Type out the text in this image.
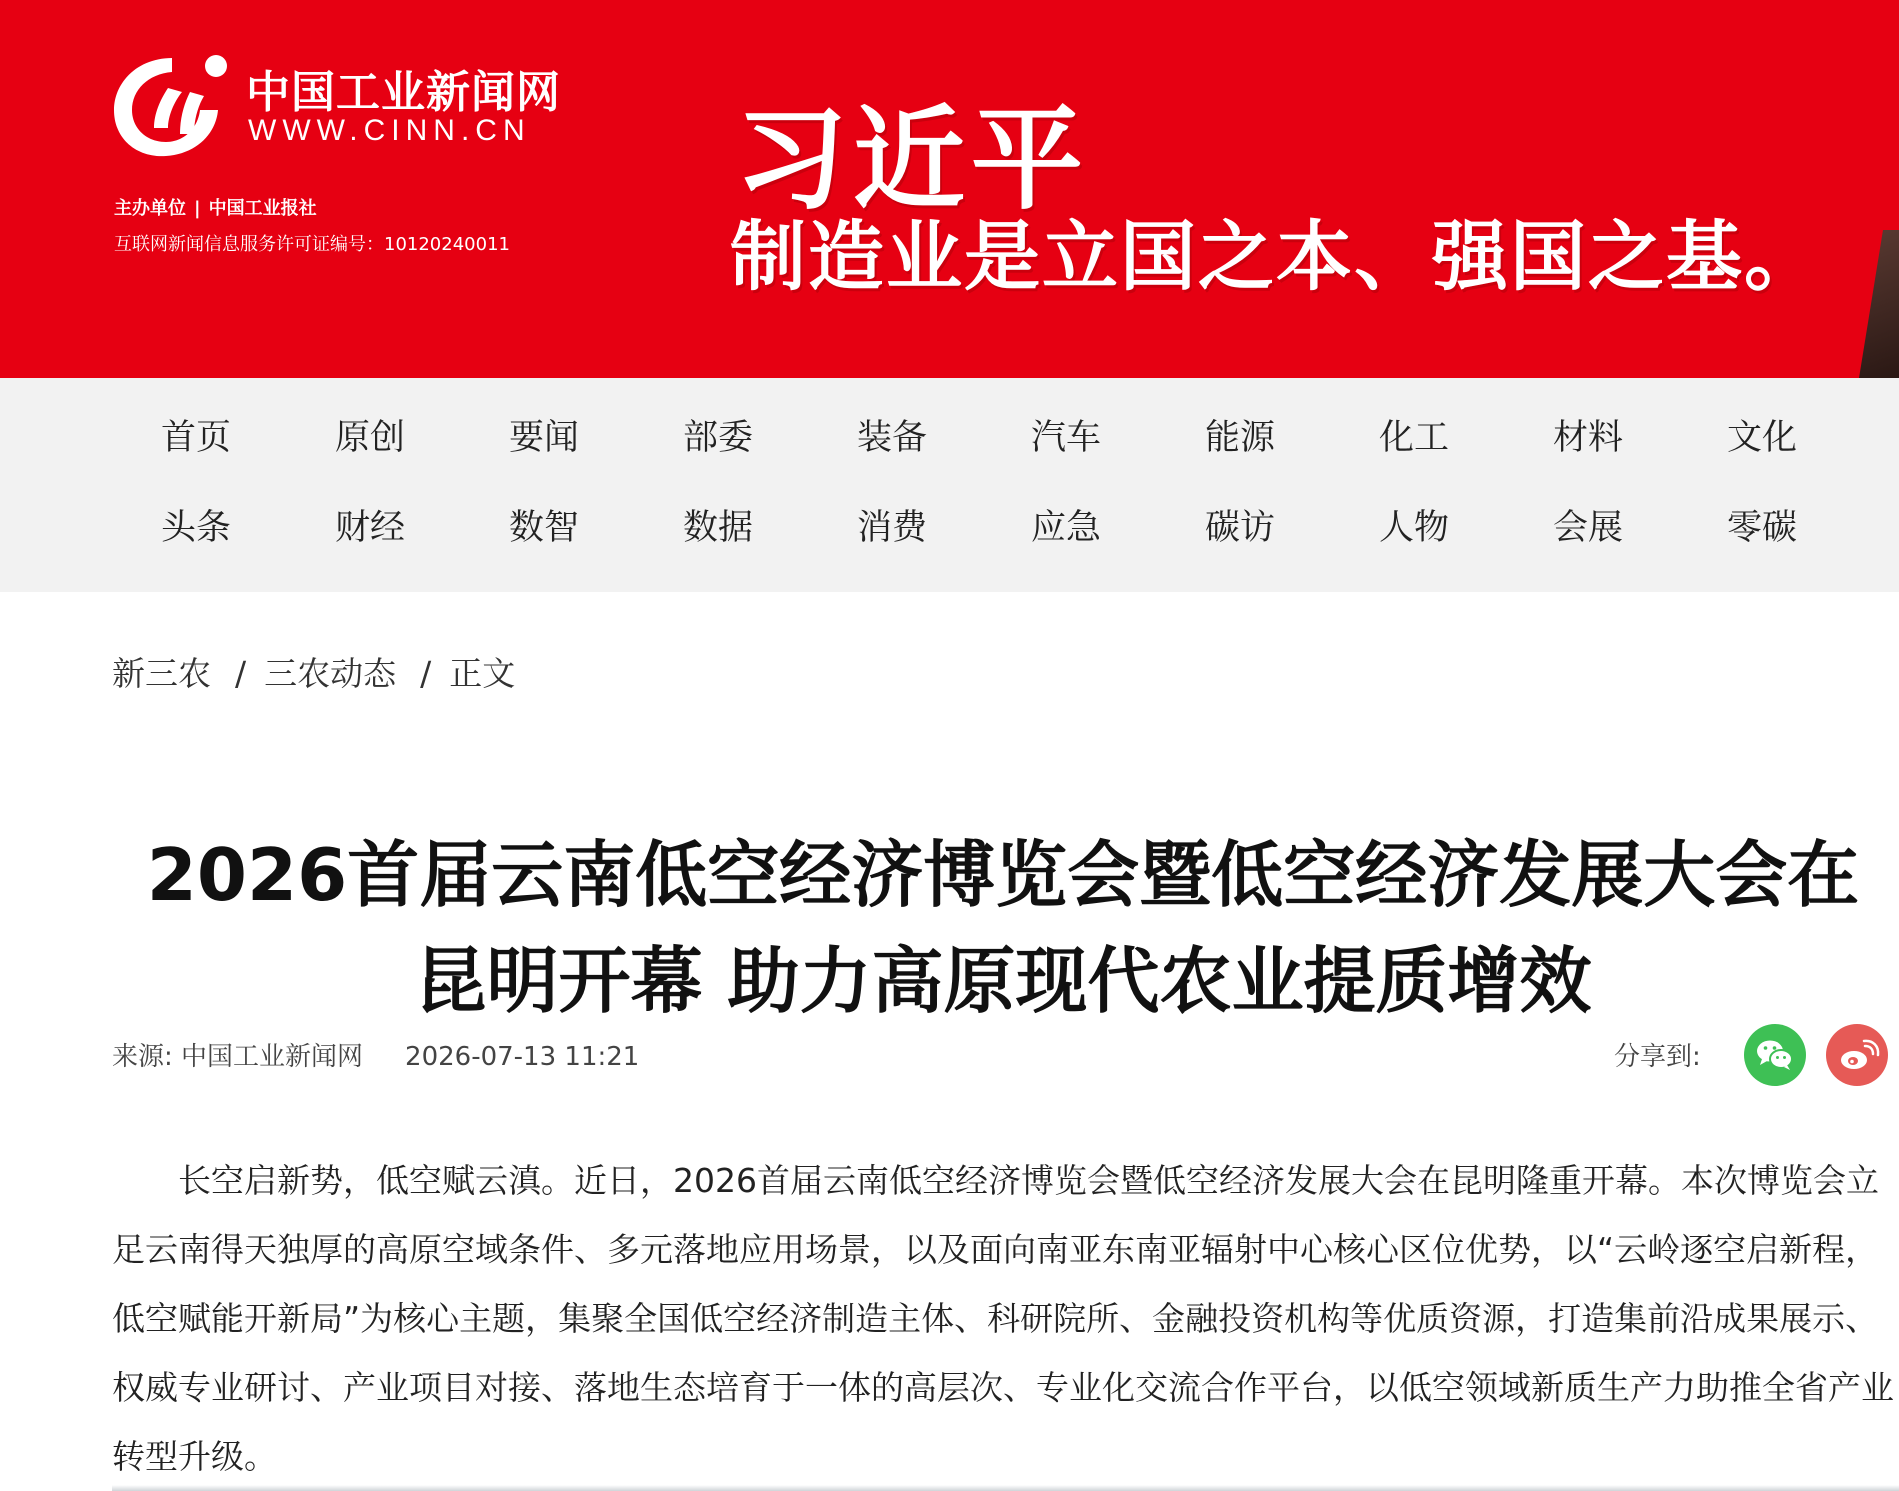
中国工业新闻网
WWW.CINN.CN
主办单位 | 中国工业报社
互联网新闻信息服务许可证编号：10120240011
习近平
制造业是立国之本、强国之基。
首页	原创	要闻	部委	装备	汽车	能源	化工	材料	文化
头条	财经	数智	数据	消费	应急	碳访	人物	会展	零碳
新三农 / 三农动态 / 正文
2026首届云南低空经济博览会暨低空经济发展大会在昆明开幕 助力高原现代农业提质增效
来源: 中国工业新闻网 2026-07-13 11:21	分享到:

长空启新势，低空赋云滇。近日，2026首届云南低空经济博览会暨低空经济发展大会在昆明隆重开幕。本次博览会立足云南得天独厚的高原空域条件、多元落地应用场景，以及面向南亚东南亚辐射中心核心区位优势，以“云岭逐空启新程，低空赋能开新局”为核心主题，集聚全国低空经济制造主体、科研院所、金融投资机构等优质资源，打造集前沿成果展示、权威专业研讨、产业项目对接、落地生态培育于一体的高层次、专业化交流合作平台，以低空领域新质生产力助推全省产业转型升级。
